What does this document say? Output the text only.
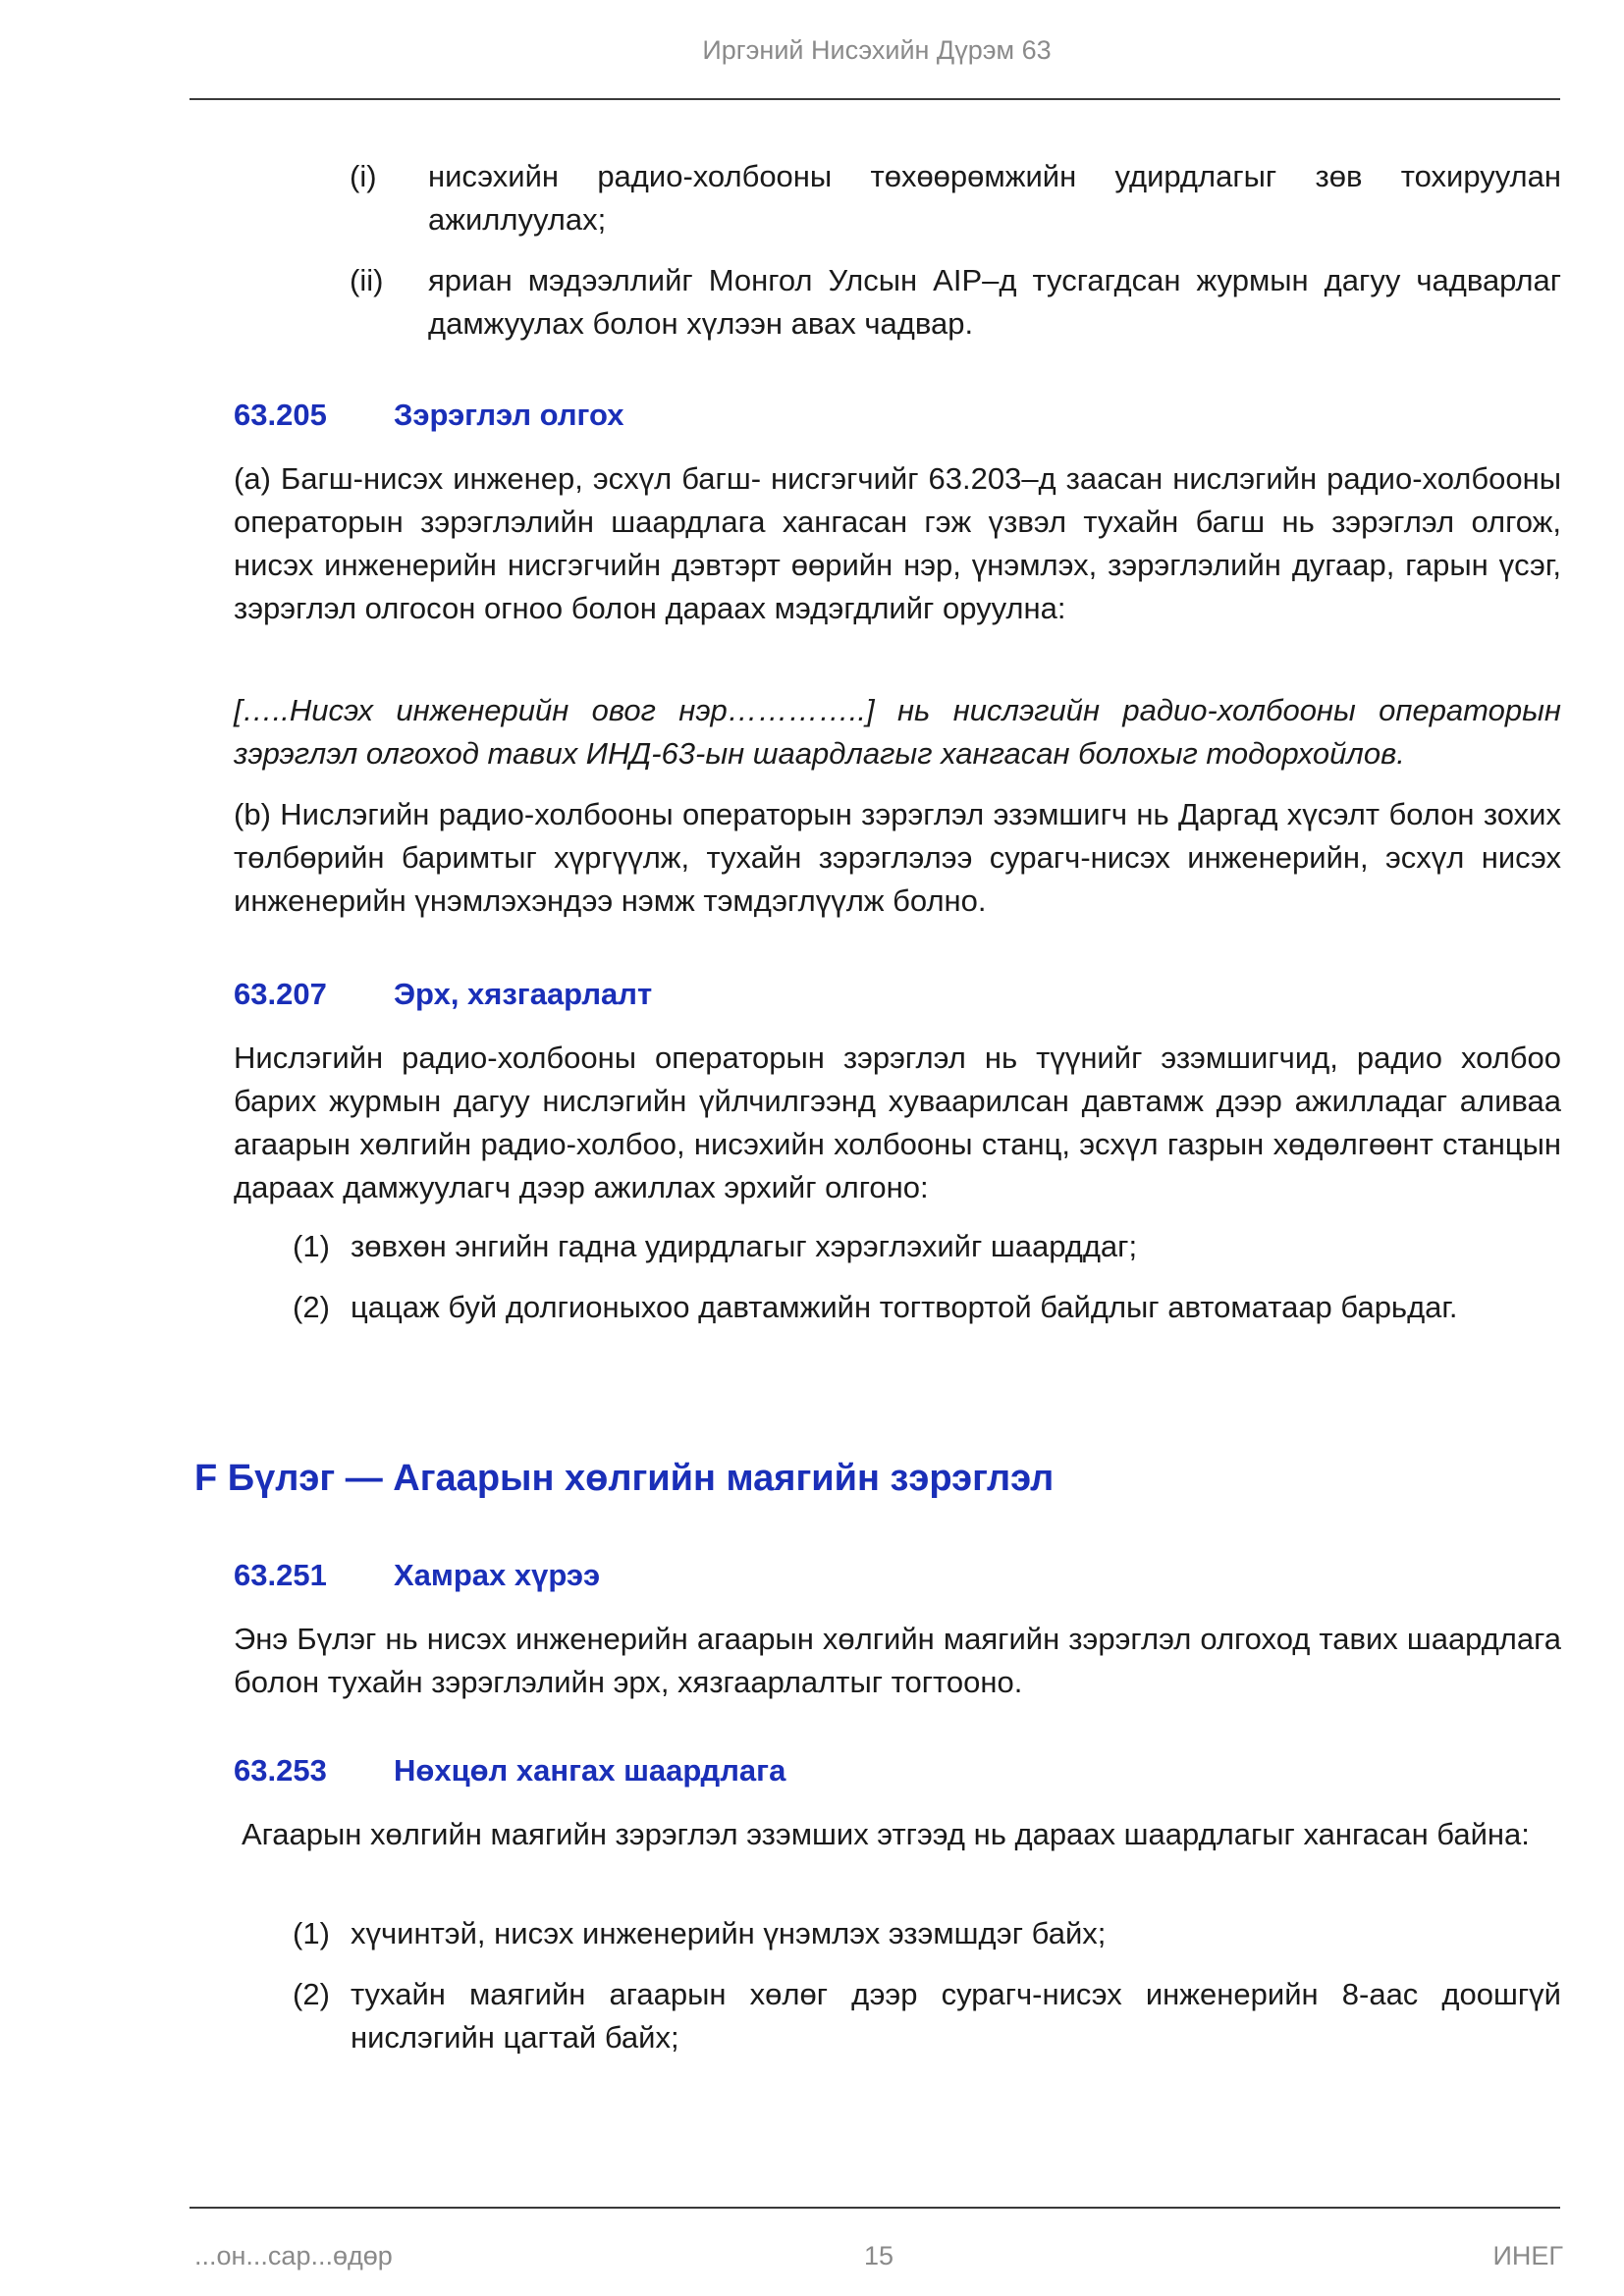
Иргэний Нисэхийн Дүрэм 63
(i) нисэхийн радио-холбооны төхөөрөмжийн удирдлагыг зөв тохируулан ажиллуулах;
(ii) яриан мэдээллийг Монгол Улсын AIP–д тусгагдсан журмын дагуу чадварлаг дамжуулах болон хүлээн авах чадвар.
63.205 Зэрэглэл олгох
(a) Багш-нисэх инженер, эсхүл багш- нисгэгчийг 63.203–д заасан нислэгийн радио-холбооны операторын зэрэглэлийн шаардлага хангасан гэж үзвэл тухайн багш нь зэрэглэл олгож, нисэх инженерийн нисгэгчийн дэвтэрт өөрийн нэр, үнэмлэх, зэрэглэлийн дугаар, гарын үсэг, зэрэглэл олгосон огноо болон дараах мэдэгдлийг оруулна:
[…..Нисэх инженерийн овог нэр…………..] нь нислэгийн радио-холбооны операторын зэрэглэл олгоход тавих ИНД-63-ын шаардлагыг хангасан болохыг тодорхойлов.
(b) Нислэгийн радио-холбооны операторын зэрэглэл эзэмшигч нь Даргад хүсэлт болон зохих төлбөрийн баримтыг хүргүүлж, тухайн зэрэглэлээ сурагч-нисэх инженерийн, эсхүл нисэх инженерийн үнэмлэхэндээ нэмж тэмдэглүүлж болно.
63.207 Эрх, хязгаарлалт
Нислэгийн радио-холбооны операторын зэрэглэл нь түүнийг эзэмшигчид, радио холбоо барих журмын дагуу нислэгийн үйлчилгээнд хуваарилсан давтамж дээр ажилладаг аливаа агаарын хөлгийн радио-холбоо, нисэхийн холбооны станц, эсхүл газрын хөдөлгөөнт станцын дараах дамжуулагч дээр ажиллах эрхийг олгоно:
(1) зөвхөн энгийн гадна удирдлагыг хэрэглэхийг шаарддаг;
(2) цацаж буй долгионыхоо давтамжийн тогтвортой байдлыг автоматаар барьдаг.
F Бүлэг — Агаарын хөлгийн маягийн зэрэглэл
63.251 Хамрах хүрээ
Энэ Бүлэг нь нисэх инженерийн агаарын хөлгийн маягийн зэрэглэл олгоход тавих шаардлага болон тухайн зэрэглэлийн эрх, хязгаарлалтыг тогтооно.
63.253 Нөхцөл хангах шаардлага
Агаарын хөлгийн маягийн зэрэглэл эзэмших этгээд нь дараах шаардлагыг хангасан байна:
(1) хүчинтэй, нисэх инженерийн үнэмлэх эзэмшдэг байх;
(2) тухайн маягийн агаарын хөлөг дээр сурагч-нисэх инженерийн 8-аас доошгүй нислэгийн цагтай байх;
...он...сар...өдөр	15	ИНЕГ
